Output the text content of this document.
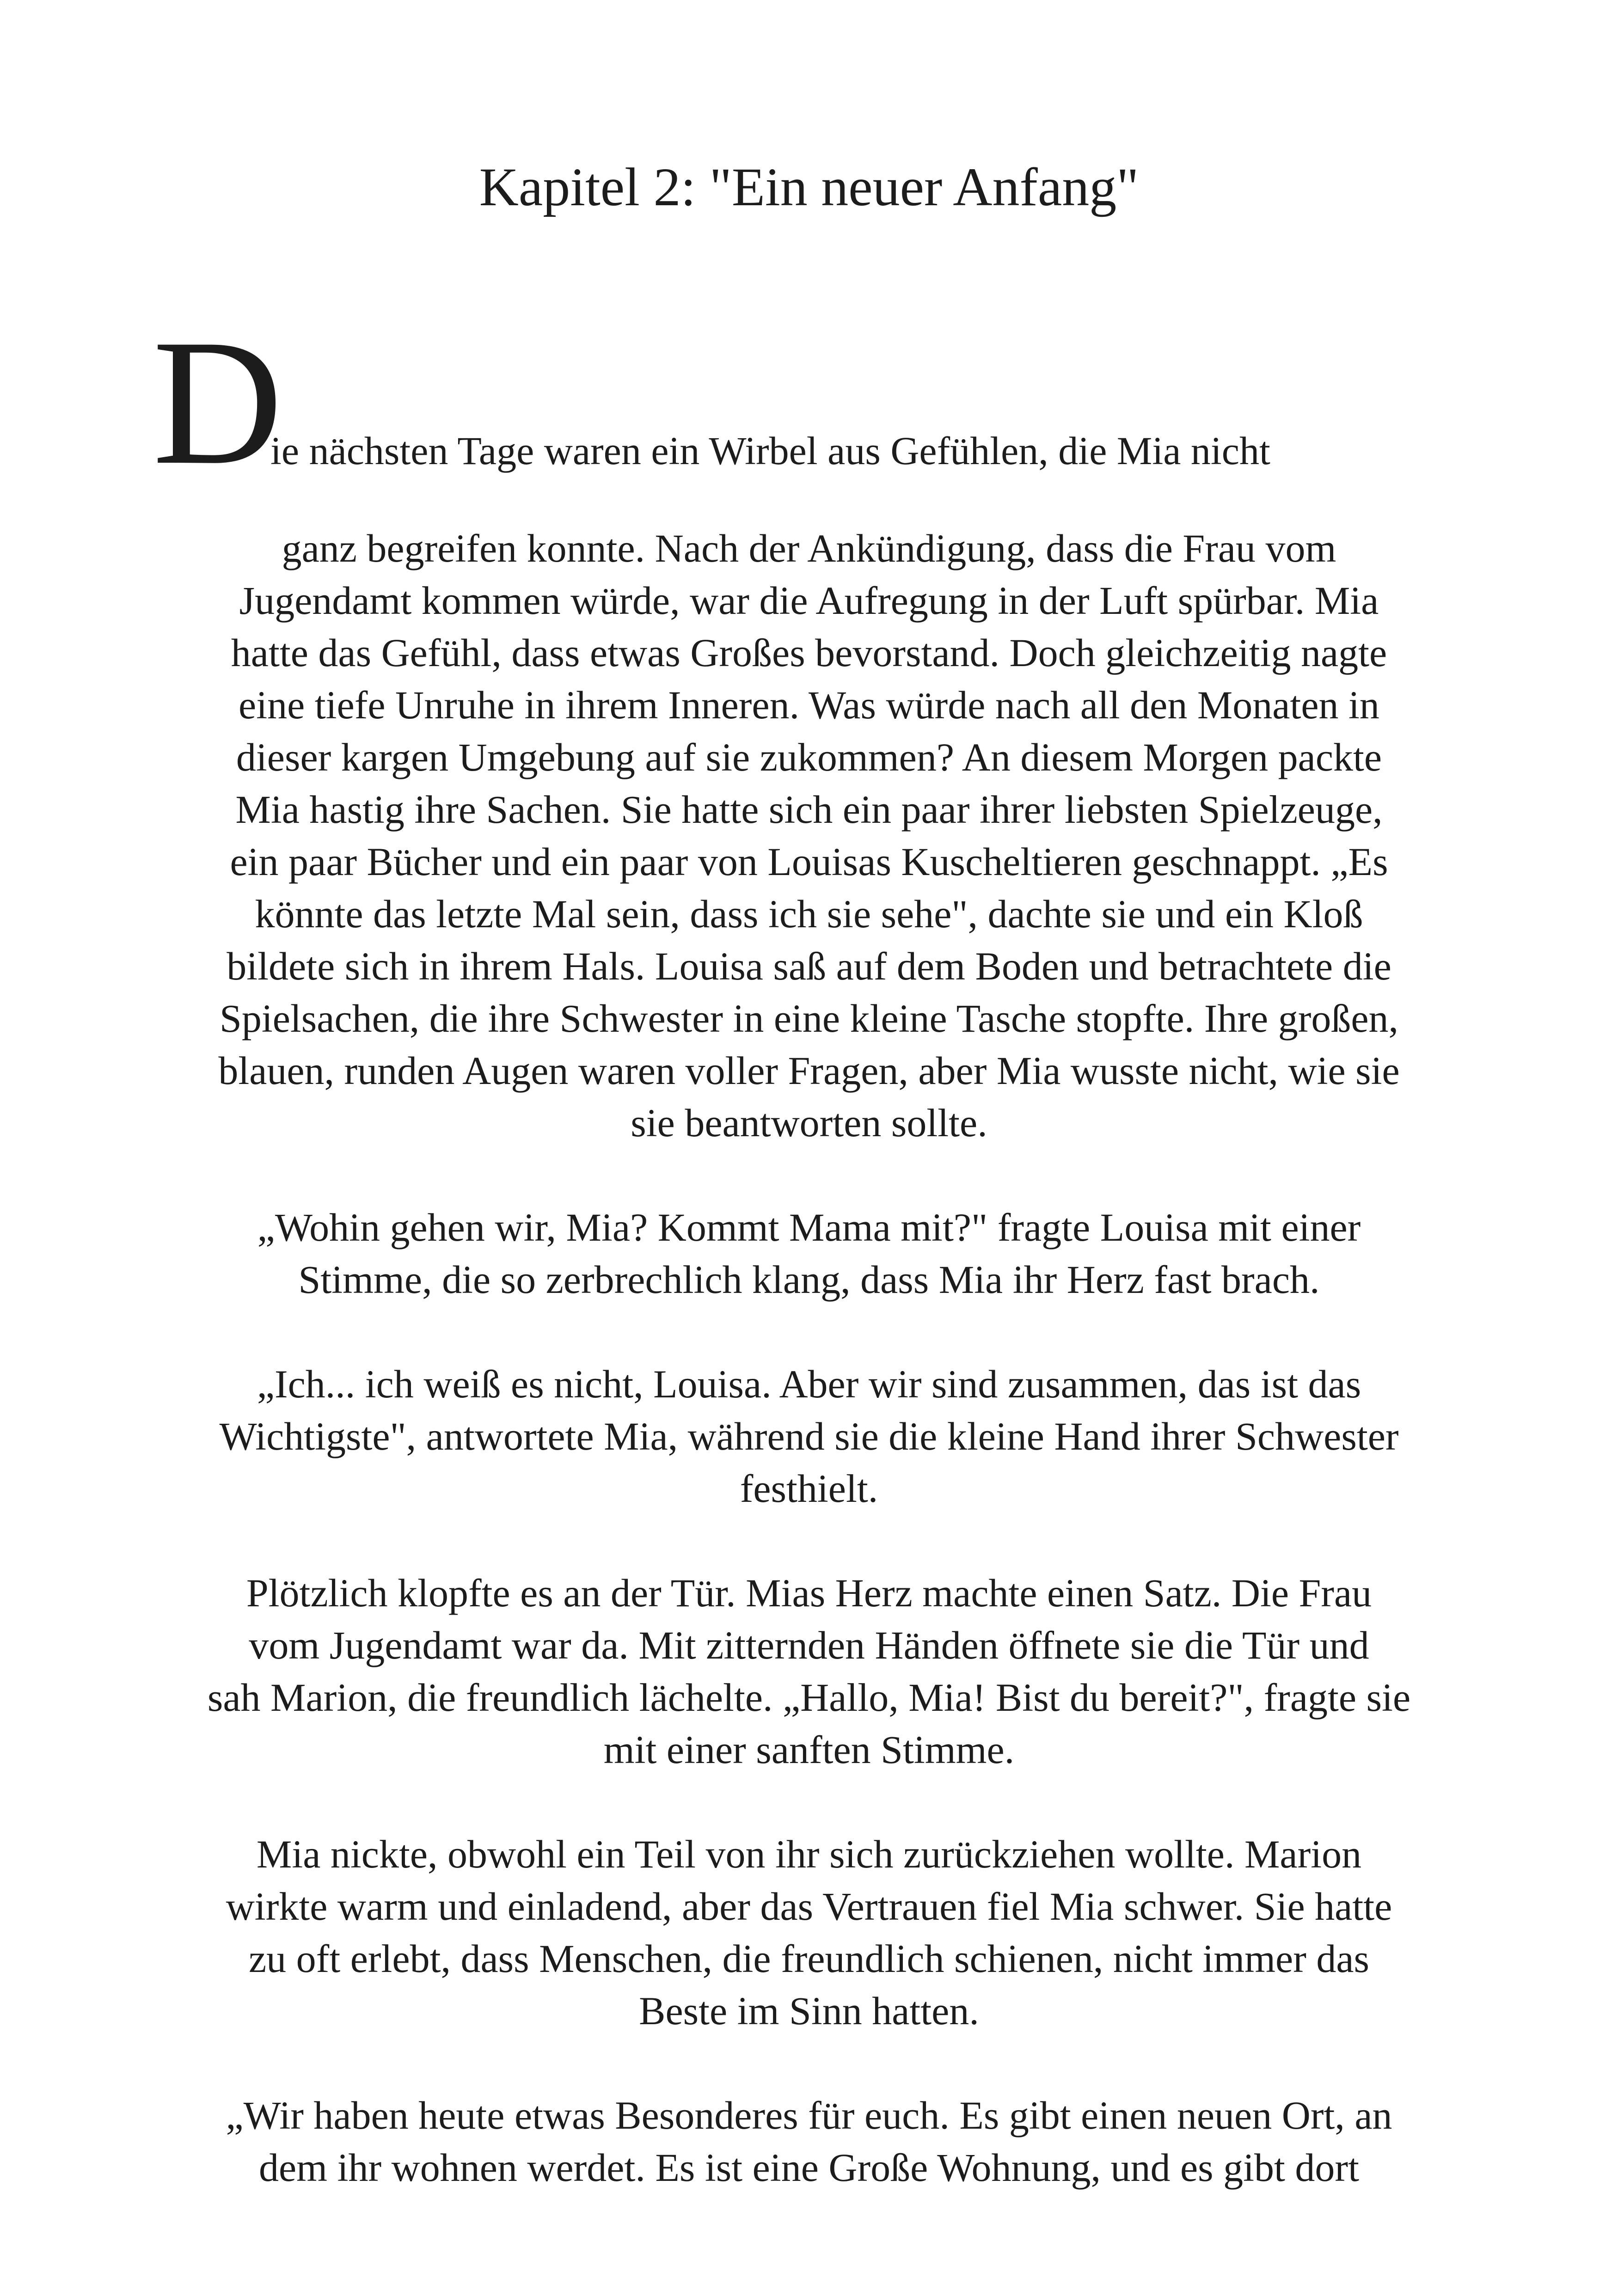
Kapitel 2: "Ein neuer Anfang"
D
ie nächsten Tage waren ein Wirbel aus Gefühlen, die Mia nicht

ganz begreifen konnte. Nach der Ankündigung, dass die Frau vom
Jugendamt kommen würde, war die Aufregung in der Luft spürbar. Mia
hatte das Gefühl, dass etwas Großes bevorstand. Doch gleichzeitig nagte
eine tiefe Unruhe in ihrem Inneren. Was würde nach all den Monaten in
dieser kargen Umgebung auf sie zukommen? An diesem Morgen packte
Mia hastig ihre Sachen. Sie hatte sich ein paar ihrer liebsten Spielzeuge,
ein paar Bücher und ein paar von Louisas Kuscheltieren geschnappt. „Es
könnte das letzte Mal sein, dass ich sie sehe", dachte sie und ein Kloß
bildete sich in ihrem Hals. Louisa saß auf dem Boden und betrachtete die
Spielsachen, die ihre Schwester in eine kleine Tasche stopfte. Ihre großen,
blauen, runden Augen waren voller Fragen, aber Mia wusste nicht, wie sie
sie beantworten sollte.

„Wohin gehen wir, Mia? Kommt Mama mit?" fragte Louisa mit einer
Stimme, die so zerbrechlich klang, dass Mia ihr Herz fast brach.

„Ich... ich weiß es nicht, Louisa. Aber wir sind zusammen, das ist das
Wichtigste", antwortete Mia, während sie die kleine Hand ihrer Schwester
festhielt.

Plötzlich klopfte es an der Tür. Mias Herz machte einen Satz. Die Frau
vom Jugendamt war da. Mit zitternden Händen öffnete sie die Tür und
sah Marion, die freundlich lächelte. „Hallo, Mia! Bist du bereit?", fragte sie
mit einer sanften Stimme.

Mia nickte, obwohl ein Teil von ihr sich zurückziehen wollte. Marion
wirkte warm und einladend, aber das Vertrauen fiel Mia schwer. Sie hatte
zu oft erlebt, dass Menschen, die freundlich schienen, nicht immer das
Beste im Sinn hatten.

„Wir haben heute etwas Besonderes für euch. Es gibt einen neuen Ort, an
dem ihr wohnen werdet. Es ist eine Große Wohnung, und es gibt dort
